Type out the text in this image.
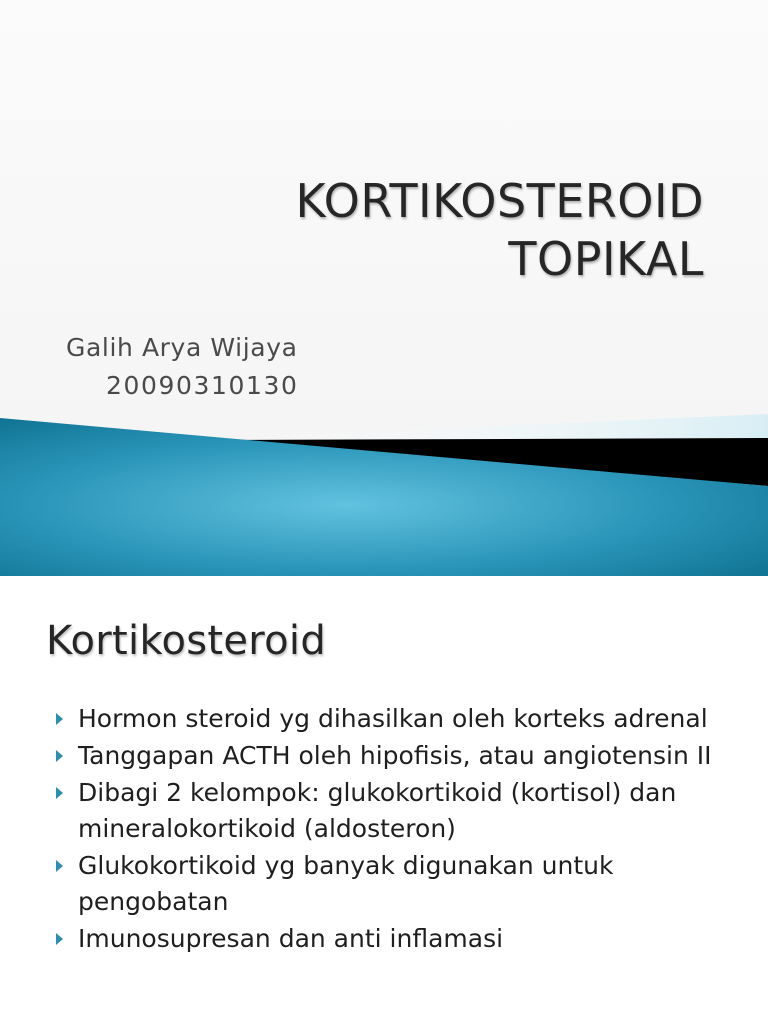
KORTIKOSTEROID
TOPIKAL
Galih Arya Wijaya
20090310130
Kortikosteroid
Hormon steroid yg dihasilkan oleh korteks adrenal
Tanggapan ACTH oleh hipofisis, atau angiotensin II
Dibagi 2 kelompok: glukokortikoid (kortisol) dan mineralokortikoid (aldosteron)
Glukokortikoid yg banyak digunakan untuk pengobatan
Imunosupresan dan anti inflamasi
